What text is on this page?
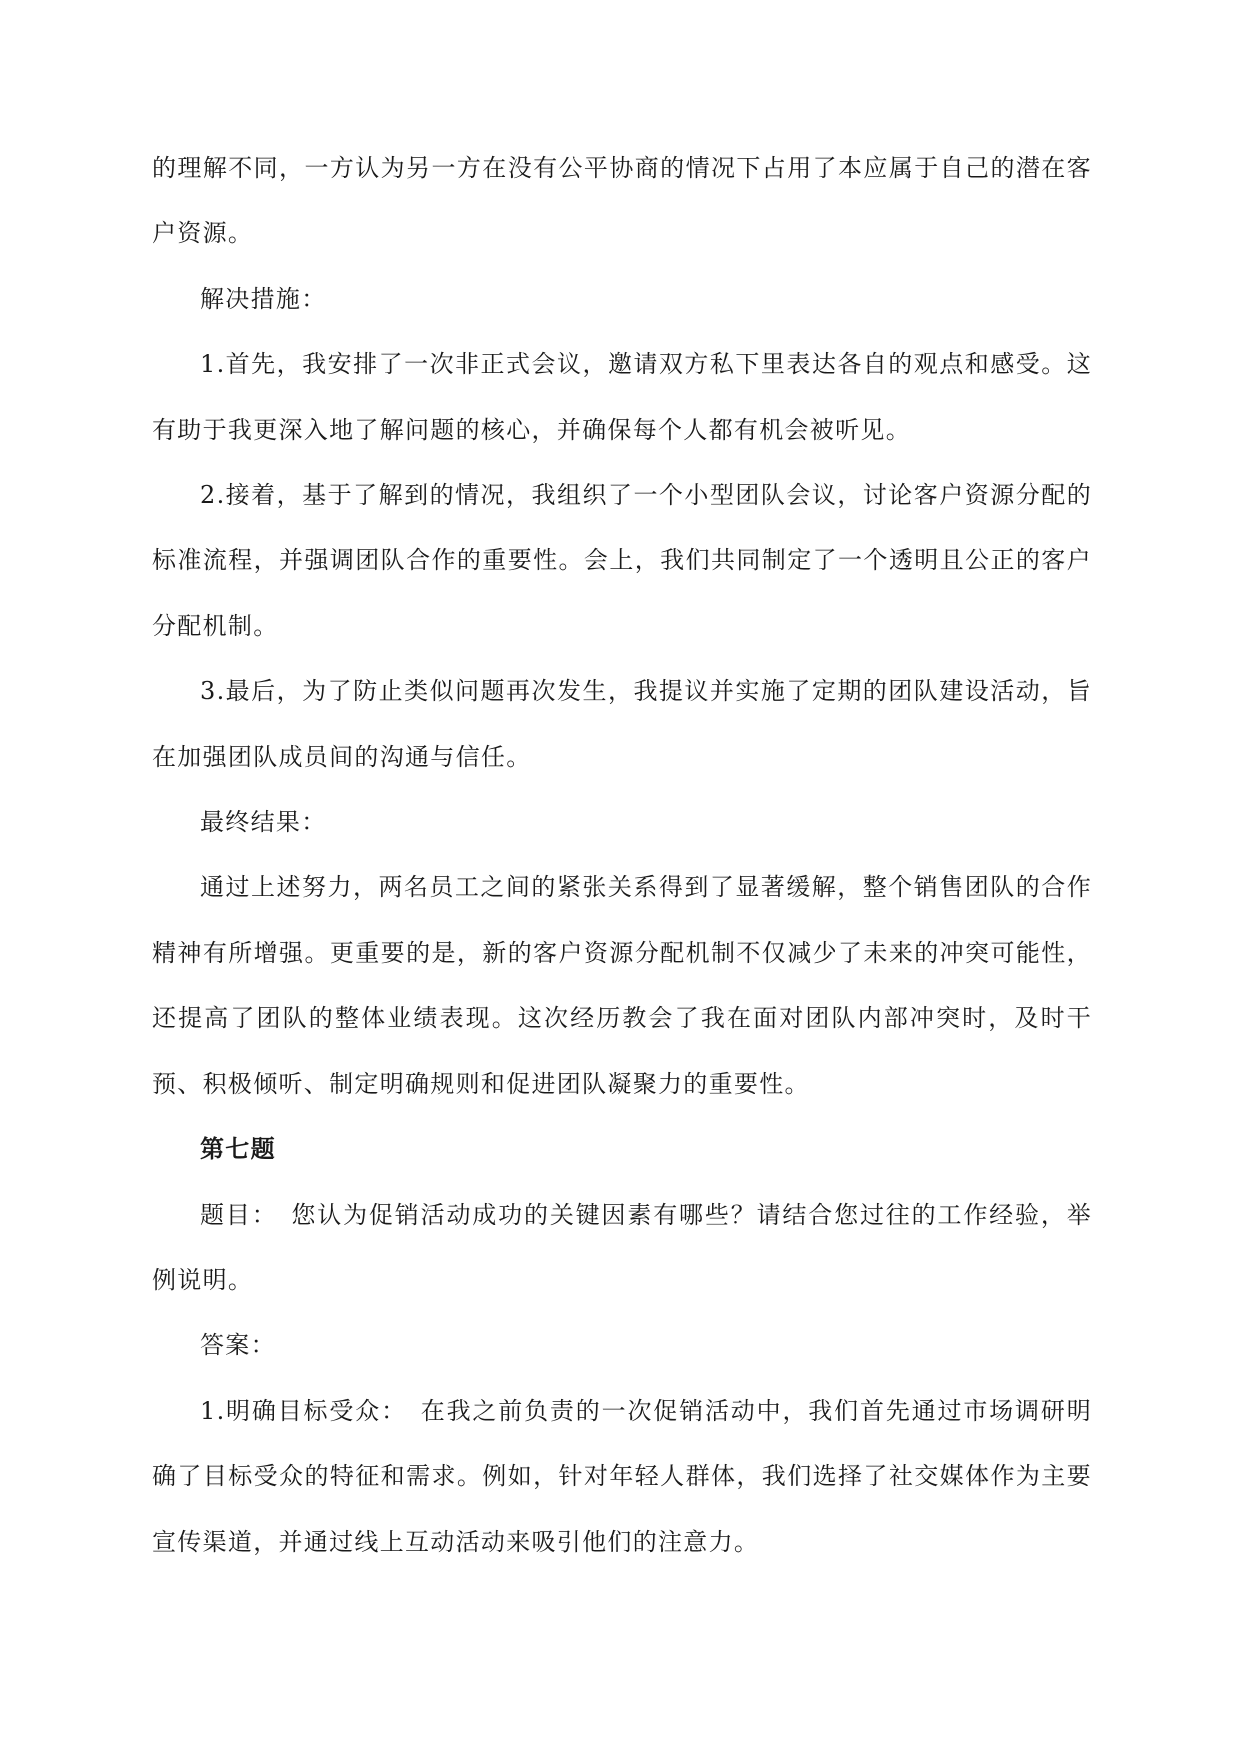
的理解不同，一方认为另一方在没有公平协商的情况下占用了本应属于自己的潜在客户资源。

解决措施：

1.首先，我安排了一次非正式会议，邀请双方私下里表达各自的观点和感受。这有助于我更深入地了解问题的核心，并确保每个人都有机会被听见。

2.接着，基于了解到的情况，我组织了一个小型团队会议，讨论客户资源分配的标准流程，并强调团队合作的重要性。会上，我们共同制定了一个透明且公正的客户分配机制。

3.最后，为了防止类似问题再次发生，我提议并实施了定期的团队建设活动，旨在加强团队成员间的沟通与信任。

最终结果：

通过上述努力，两名员工之间的紧张关系得到了显著缓解，整个销售团队的合作精神有所增强。更重要的是，新的客户资源分配机制不仅减少了未来的冲突可能性，还提高了团队的整体业绩表现。这次经历教会了我在面对团队内部冲突时，及时干预、积极倾听、制定明确规则和促进团队凝聚力的重要性。

第七题

题目：　您认为促销活动成功的关键因素有哪些？请结合您过往的工作经验，举例说明。

答案：

1.明确目标受众：　在我之前负责的一次促销活动中，我们首先通过市场调研明确了目标受众的特征和需求。例如，针对年轻人群体，我们选择了社交媒体作为主要宣传渠道，并通过线上互动活动来吸引他们的注意力。
